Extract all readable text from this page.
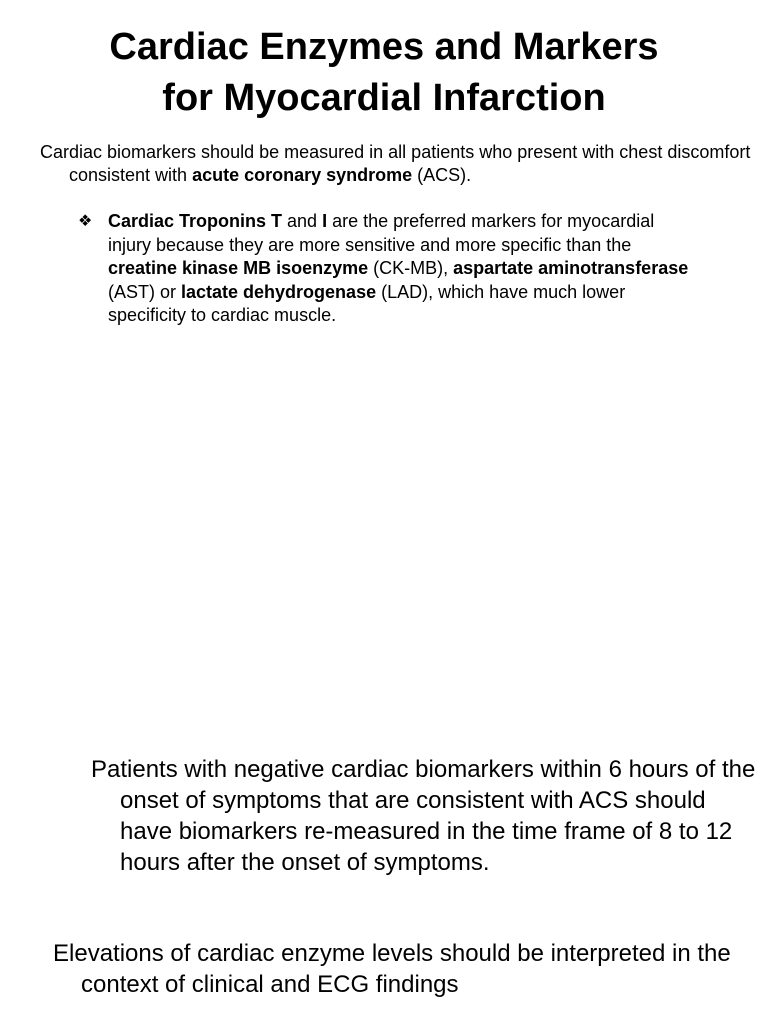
Cardiac Enzymes and Markers
for Myocardial Infarction

Cardiac biomarkers should be measured in all patients who present with chest discomfort consistent with acute coronary syndrome (ACS).

❖ Cardiac Troponins T and I are the preferred markers for myocardial injury because they are more sensitive and more specific than the creatine kinase MB isoenzyme (CK-MB), aspartate aminotransferase (AST) or lactate dehydrogenase (LAD), which have much lower specificity to cardiac muscle.

Patients with negative cardiac biomarkers within 6 hours of the onset of symptoms that are consistent with ACS should have biomarkers re-measured in the time frame of 8 to 12 hours after the onset of symptoms.

Elevations of cardiac enzyme levels should be interpreted in the context of clinical and ECG findings
